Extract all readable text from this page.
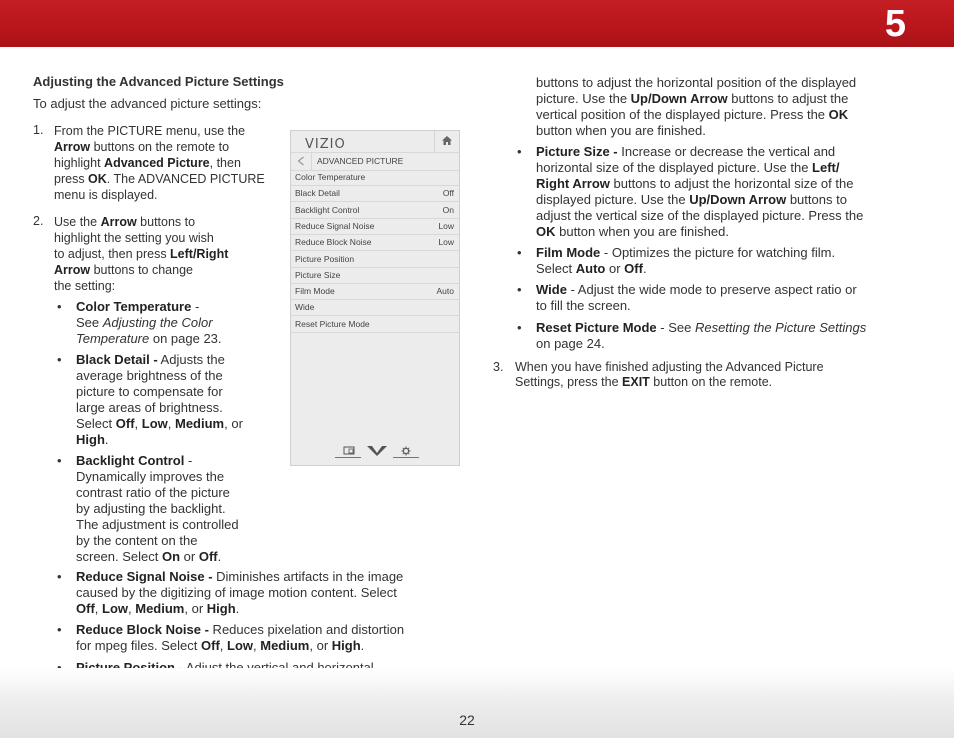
5
Adjusting the Advanced Picture Settings
To adjust the advanced picture settings:
1. From the PICTURE menu, use the
Arrow buttons on the remote to
highlight Advanced Picture, then
press OK. The ADVANCED PICTURE
menu is displayed.
2. Use the Arrow buttons to
highlight the setting you wish
to adjust, then press Left/Right
Arrow buttons to change
the setting:
• Color Temperature -
See Adjusting the Color
Temperature on page 23.
• Black Detail - Adjusts the
average brightness of the
picture to compensate for
large areas of brightness.
Select Off, Low, Medium, or
High.
• Backlight Control -
Dynamically improves the
contrast ratio of the picture
by adjusting the backlight.
The adjustment is controlled
by the content on the
screen. Select On or Off.
• Reduce Signal Noise - Diminishes artifacts in the image
caused by the digitizing of image motion content. Select
Off, Low, Medium, or High.
• Reduce Block Noise - Reduces pixelation and distortion
for mpeg files. Select Off, Low, Medium, or High.
buttons to adjust the horizontal position of the displayed
picture. Use the Up/Down Arrow buttons to adjust the
vertical position of the displayed picture. Press the OK
button when you are finished.
• Picture Size - Increase or decrease the vertical and
horizontal size of the displayed picture. Use the Left/
Right Arrow buttons to adjust the horizontal size of the
displayed picture. Use the Up/Down Arrow buttons to
adjust the vertical size of the displayed picture. Press the
OK button when you are finished.
• Film Mode - Optimizes the picture for watching film.
Select Auto or Off.
• Wide - Adjust the wide mode to preserve aspect ratio or
to fill the screen.
• Reset Picture Mode - See Resetting the Picture Settings
on page 24.
3. When you have finished adjusting the Advanced Picture
Settings, press the EXIT button on the remote.
VIZIO
ADVANCED PICTURE
Color Temperature
Black Detail	Off
Backlight Control	On
Reduce Signal Noise	Low
Reduce Block Noise	Low
Picture Position
Picture Size
Film Mode	Auto
Wide
Reset Picture Mode
22
